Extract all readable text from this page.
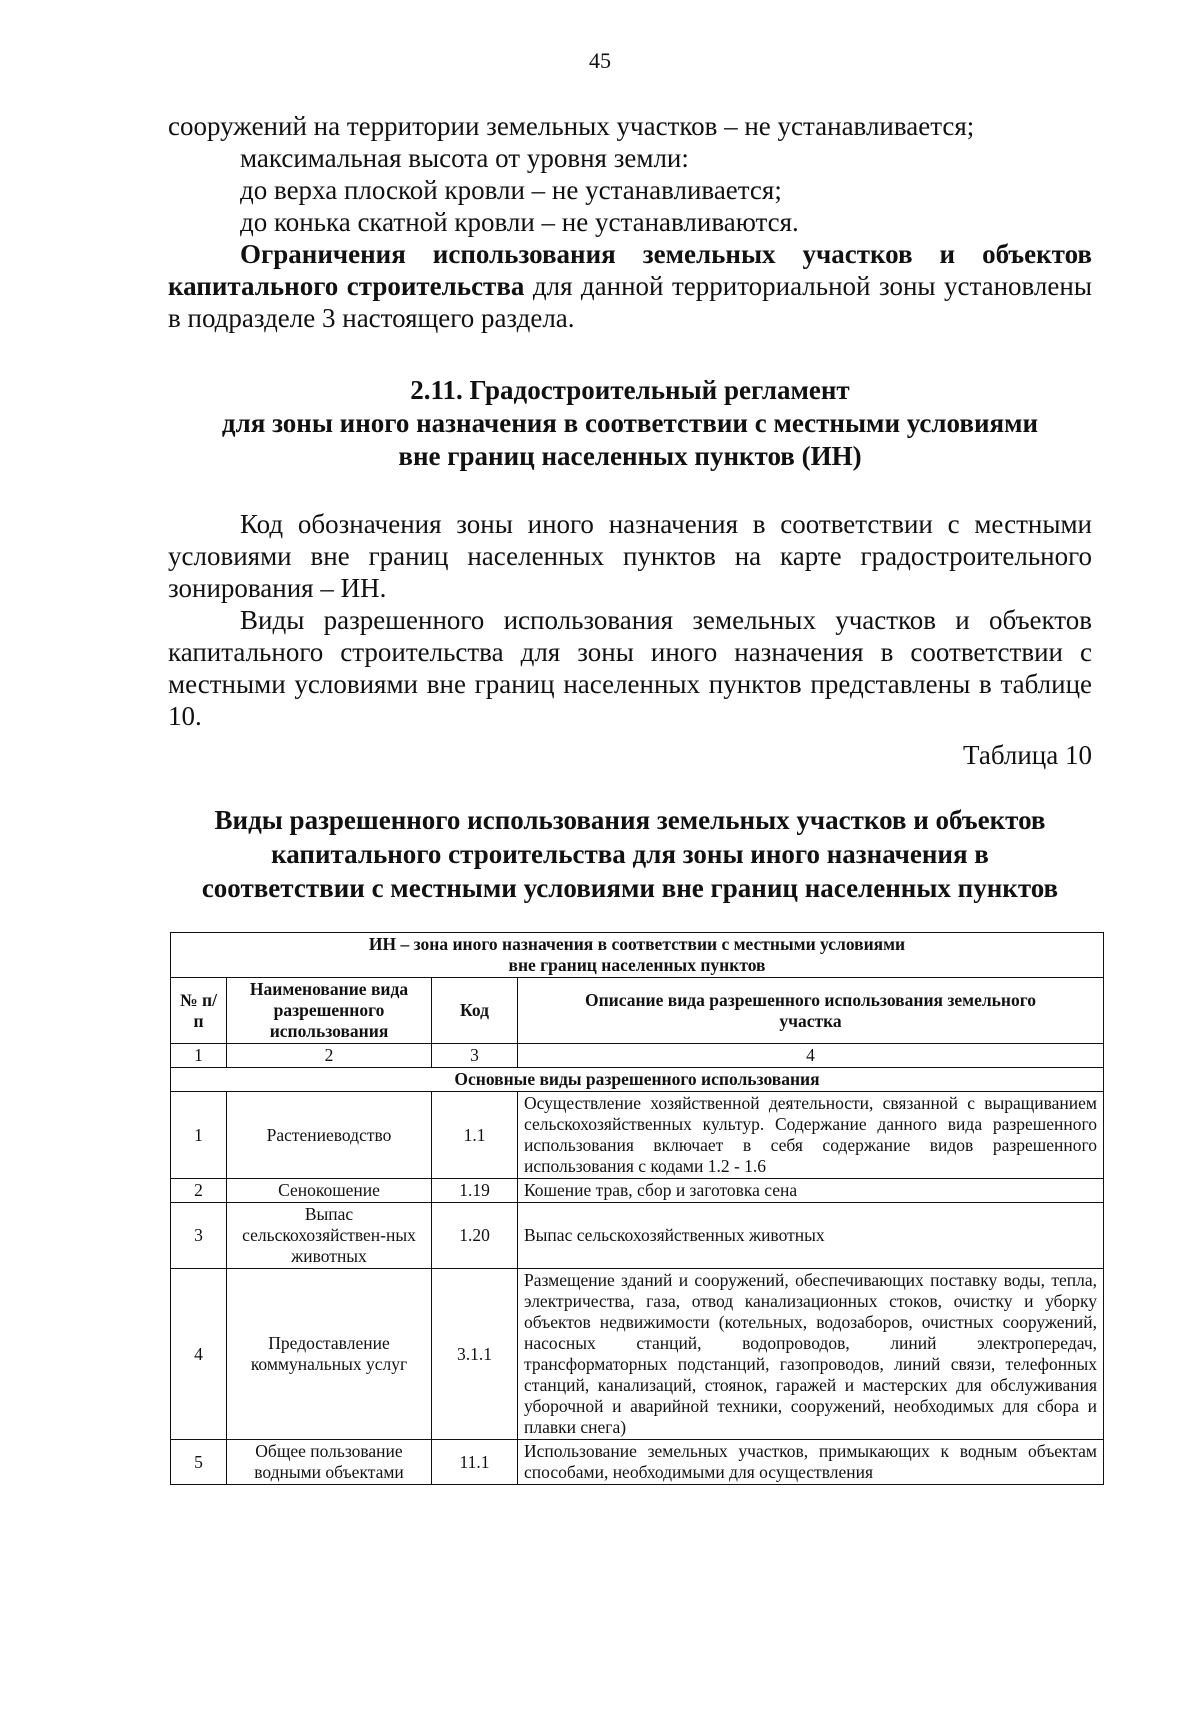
45

сооружений на территории земельных участков – не устанавливается;

максимальная высота от уровня земли:

до верха плоской кровли – не устанавливается;

до конька скатной кровли – не устанавливаются.

Ограничения использования земельных участков и объектов капитального строительства для данной территориальной зоны установлены в подразделе 3 настоящего раздела.

2.11. Градостроительный регламент
для зоны иного назначения в соответствии с местными условиями
вне границ населенных пунктов (ИН)

Код обозначения зоны иного назначения в соответствии с местными условиями вне границ населенных пунктов на карте градостроительного зонирования – ИН.

Виды разрешенного использования земельных участков и объектов капитального строительства для зоны иного назначения в соответствии с местными условиями вне границ населенных пунктов представлены в таблице 10.

Таблица 10
Виды разрешенного использования земельных участков и объектов
капитального строительства для зоны иного назначения в
соответствии с местными условиями вне границ населенных пунктов
ИН – зона иного назначения в соответствии с местными условиями
вне границ населенных пунктов			

№ п/п	Наименование вида разрешенного использования	Код	Описание вида разрешенного использования земельного участка
1	2	3	4
Основные виды разрешенного использования			
1	Растениеводство	1.1	Осуществление хозяйственной деятельности, связанной с выращиванием сельскохозяйственных культур. Содержание данного вида разрешенного использования включает в себя содержание видов разрешенного использования с кодами 1.2 - 1.6
2	Сенокошение	1.19	Кошение трав, сбор и заготовка сена
3	Выпас сельскохозяйствен-ных животных	1.20	Выпас сельскохозяйственных животных
4	Предоставление коммунальных услуг	3.1.1	Размещение зданий и сооружений, обеспечивающих поставку воды, тепла, электричества, газа, отвод канализационных стоков, очистку и уборку объектов недвижимости (котельных, водозаборов, очистных сооружений, насосных станций, водопроводов, линий электропередач, трансформаторных подстанций, газопроводов, линий связи, телефонных станций, канализаций, стоянок, гаражей и мастерских для обслуживания уборочной и аварийной техники, сооружений, необходимых для сбора и плавки снега)
5	Общее пользование водными объектами	11.1	Использование земельных участков, примыкающих к водным объектам способами, необходимыми для осуществления
